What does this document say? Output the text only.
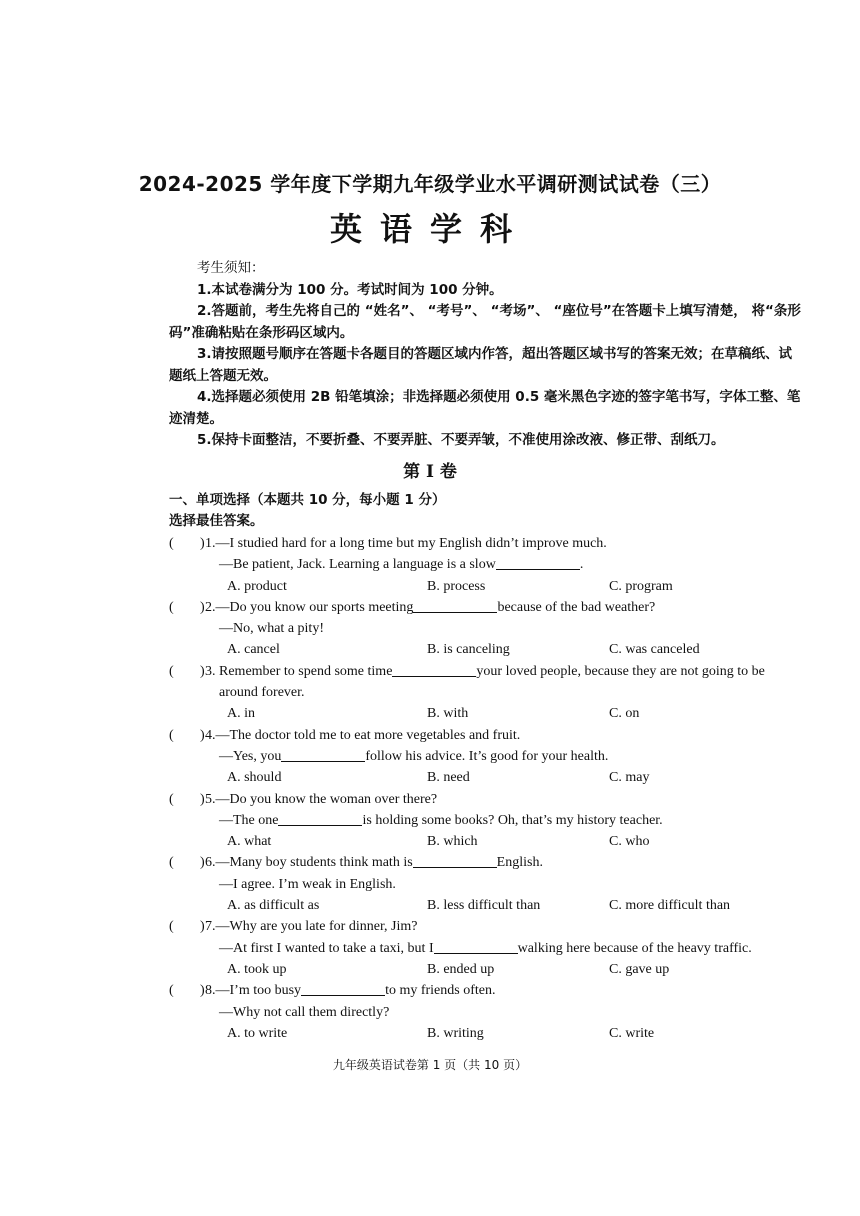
2024-2025 学年度下学期九年级学业水平调研测试试卷（三）
英语学科
考生须知：
1.本试卷满分为 100 分。考试时间为 100 分钟。
2.答题前，考生先将自己的 “姓名”、 “考号”、 “考场”、 “座位号”在答题卡上填写清楚， 将“条形码”准确粘贴在条形码区域内。
3.请按照题号顺序在答题卡各题目的答题区域内作答，超出答题区域书写的答案无效；在草稿纸、试题纸上答题无效。
4.选择题必须使用 2B 铅笔填涂；非选择题必须使用 0.5 毫米黑色字迹的签字笔书写，字体工整、笔迹清楚。
5.保持卡面整洁，不要折叠、不要弄脏、不要弄皱，不准使用涂改液、修正带、刮纸刀。
第 I 卷
一、单项选择（本题共 10 分，每小题 1 分）
选择最佳答案。
( ) 1.—I studied hard for a long time but my English didn’t improve much.
—Be patient, Jack. Learning a language is a slow	.
A. product	B. process	C. program
( ) 2.—Do you know our sports meeting	because of the bad weather?
—No, what a pity!
A. cancel	B. is canceling	C. was canceled
( ) 3. Remember to spend some time	your loved people, because they are not going to be
around forever.
A. in	B. with	C. on
( ) 4.—The doctor told me to eat more vegetables and fruit.
—Yes, you	follow his advice. It’s good for your health.
A. should	B. need	C. may
( ) 5.—Do you know the woman over there?
—The one	is holding some books? Oh, that’s my history teacher.
A. what	B. which	C. who
( ) 6.—Many boy students think math is	English.
—I agree. I’m weak in English.
A. as difficult as	B. less difficult than	C. more difficult than
( ) 7.—Why are you late for dinner, Jim?
—At first I wanted to take a taxi, but I	walking here because of the heavy traffic.
A. took up	B. ended up	C. gave up
( ) 8.—I’m too busy	to my friends often.
—Why not call them directly?
A. to write	B. writing	C. write
九年级英语试卷第 1 页（共 10 页）
